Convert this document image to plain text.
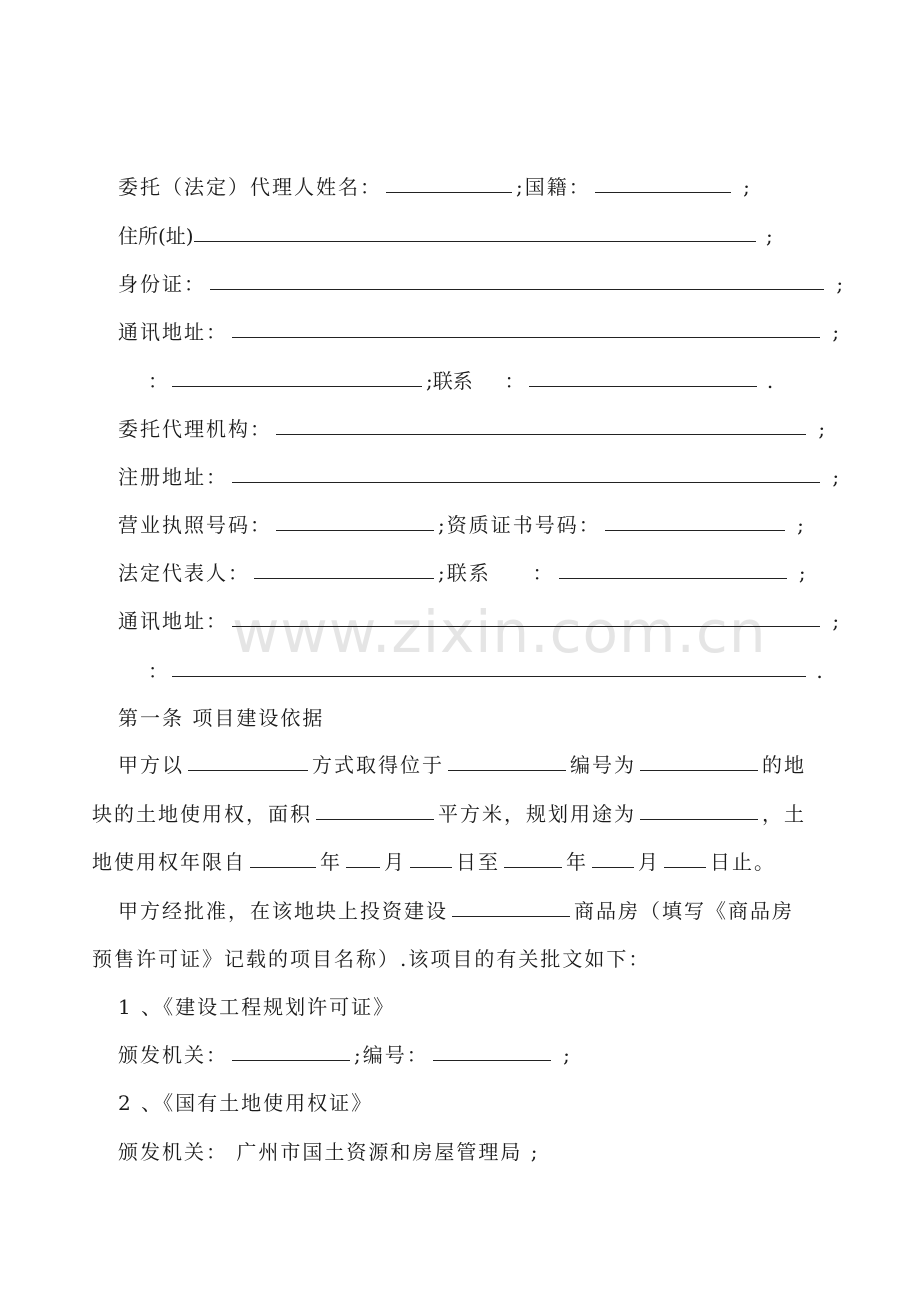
www.zixin.com.cn
委托（法定）代理人姓名：	;国籍：	;
住所(址)	;
身份证：	;
通讯地址：	;
：	;联系 ：	.
委托代理机构：	;
注册地址：	;
营业执照号码：	;资质证书号码：	;
法定代表人：	;联系 ：	;
通讯地址：	;
：	.
第一条 项目建设依据
甲方以	方式取得位于	编号为	的地
块的土地使用权，面积	平方米，规划用途为	，土
地使用权年限自	年 月	日至	年	月	日止。
甲方经批准，在该地块上投资建设	商品房（填写《商品房
预售许可证》记载的项目名称）.该项目的有关批文如下：
1 、《建设工程规划许可证》
颁发机关：	;编号：	;
2 、《国有土地使用权证》
颁发机关： 广州市国土资源和房屋管理局 ;
